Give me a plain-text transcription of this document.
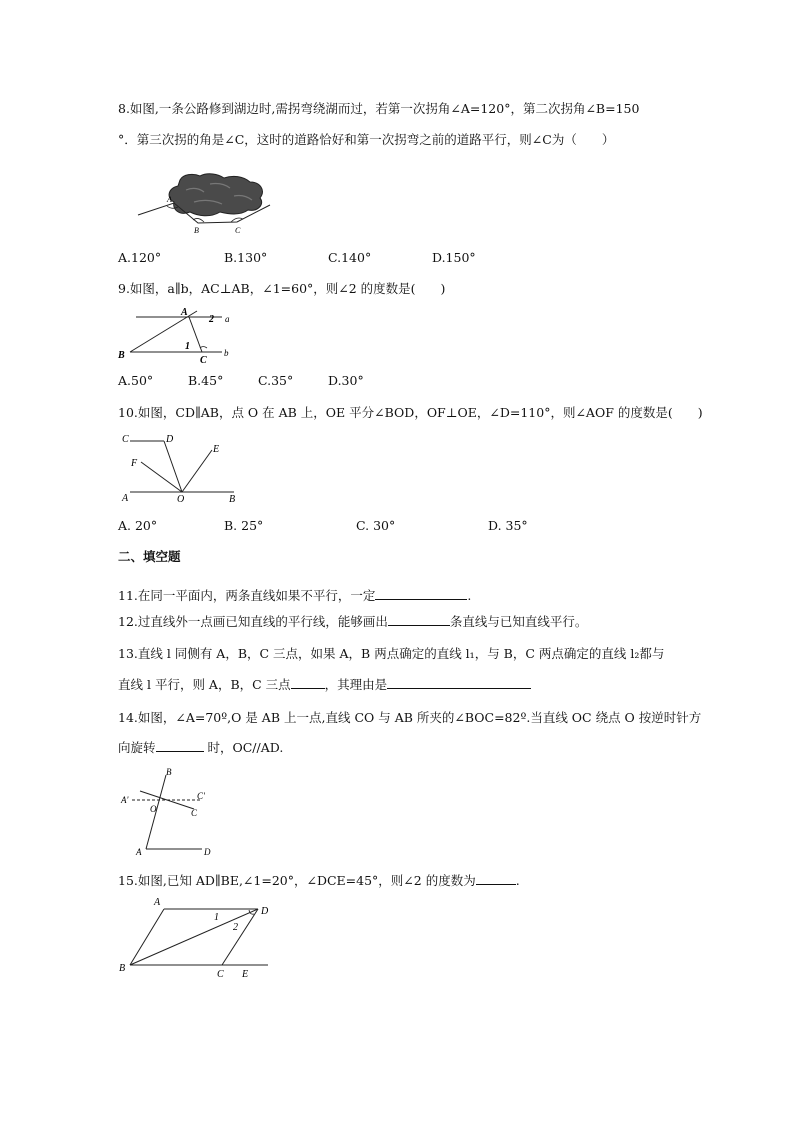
8.如图,一条公路修到湖边时,需拐弯绕湖而过，若第一次拐角∠A=120°，第二次拐角∠B=150
°．第三次拐的角是∠C，这时的道路恰好和第一次拐弯之前的道路平行，则∠C为（　　）
A
B	C
A.120°	B.130°	C.140°	D.150°
9.如图，a∥b，AC⊥AB，∠1=60°，则∠2 的度数是(　　)
A
2 a
1
B	C
b
A.50°	B.45°	C.35°	D.30°
10.如图，CD∥AB，点 O 在 AB 上，OE 平分∠BOD，OF⊥OE，∠D=110°，则∠AOF 的度数是(　　)
C	D
F
E
A	O	B
A. 20°	B. 25°	C. 30°	D. 35°
二、填空题
11.在同一平面内，两条直线如果不平行，一定	.
12.过直线外一点画已知直线的平行线，能够画出	条直线与已知直线平行。
13.直线 l 同侧有 A，B，C 三点，如果 A，B 两点确定的直线 l₁，与 B，C 两点确定的直线 l₂都与
直线 l 平行，则 A，B，C 三点	，其理由是
14.如图，∠A=70º,O 是 AB 上一点,直线 CO 与 AB 所夹的∠BOC=82º.当直线 OC 绕点 O 按逆时针方
向旋转	时，OC//AD.
B
A'	C'
O	C
A	D
15.如图,已知 AD∥BE,∠1=20°，∠DCE=45°，则∠2 的度数为	.
A
D
1
2
B
C E
